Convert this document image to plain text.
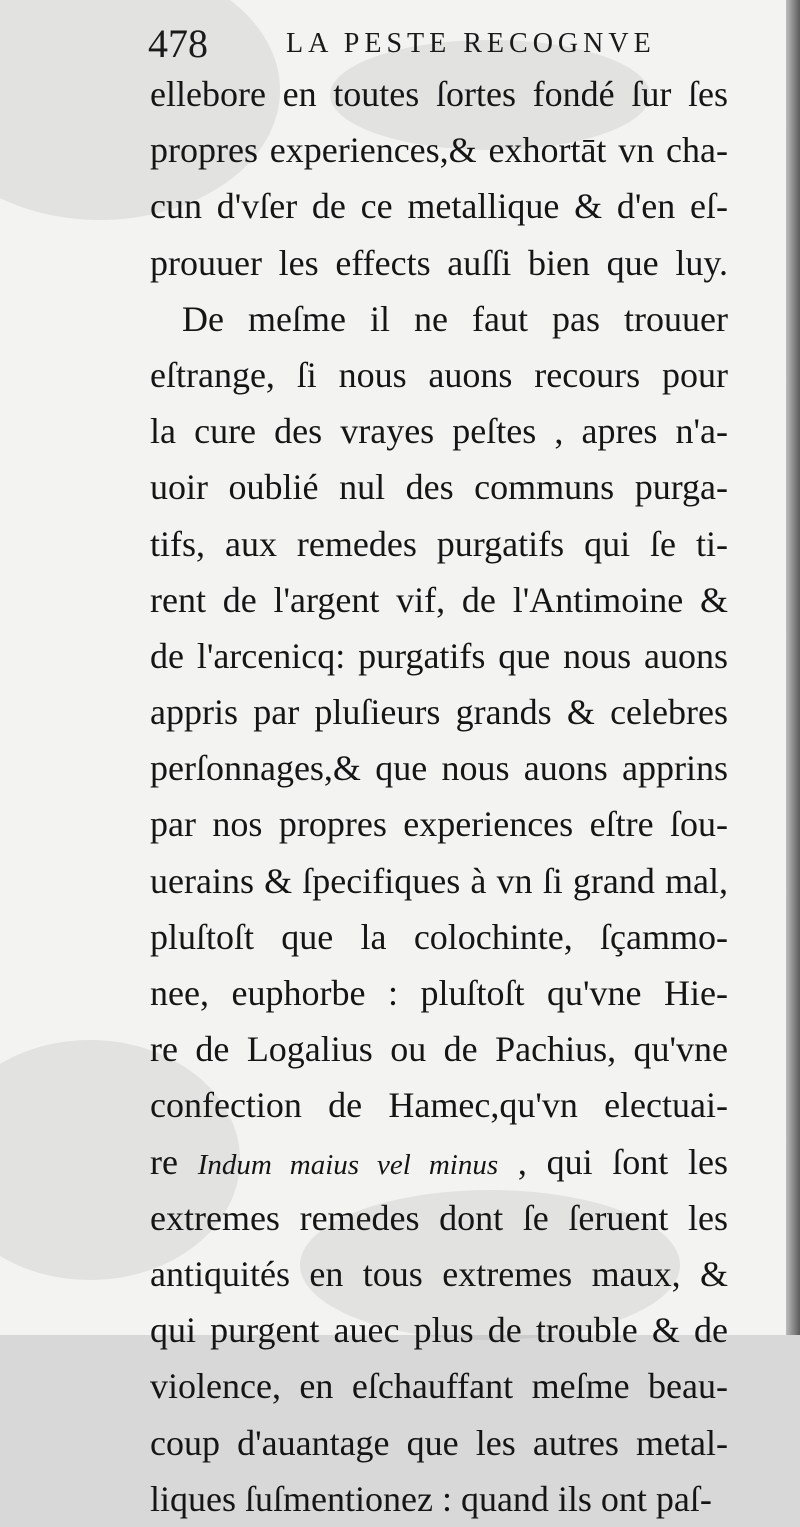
478	LA PESTE RECOGNVE
ellebore en toutes ſortes fondé ſur ſes
propres experiences,& exhortāt vn cha-
cun d'vſer de ce metallique & d'en eſ-
prouuer les effects auſſi bien que luy.
De meſme il ne faut pas trouuer
eſtrange, ſi nous auons recours pour
la cure des vrayes peſtes , apres n'a-
uoir oublié nul des communs purga-
tifs, aux remedes purgatifs qui ſe ti-
rent de l'argent vif, de l'Antimoine &
de l'arcenicq: purgatifs que nous auons
appris par pluſieurs grands & celebres
perſonnages,& que nous auons apprins
par nos propres experiences eſtre ſou-
uerains & ſpecifiques à vn ſi grand mal,
pluſtoſt que la colochinte, ſçammo-
nee, euphorbe : pluſtoſt qu'vne Hie-
re de Logalius ou de Pachius, qu'vne
confection de Hamec,qu'vn electuai-
re Indum maius vel minus , qui ſont les
extremes remedes dont ſe ſeruent les
antiquités en tous extremes maux, &
qui purgent auec plus de trouble & de
violence, en eſchauffant meſme beau-
coup d'auantage que les autres metal-
liques ſuſmentionez : quand ils ont paſ-
